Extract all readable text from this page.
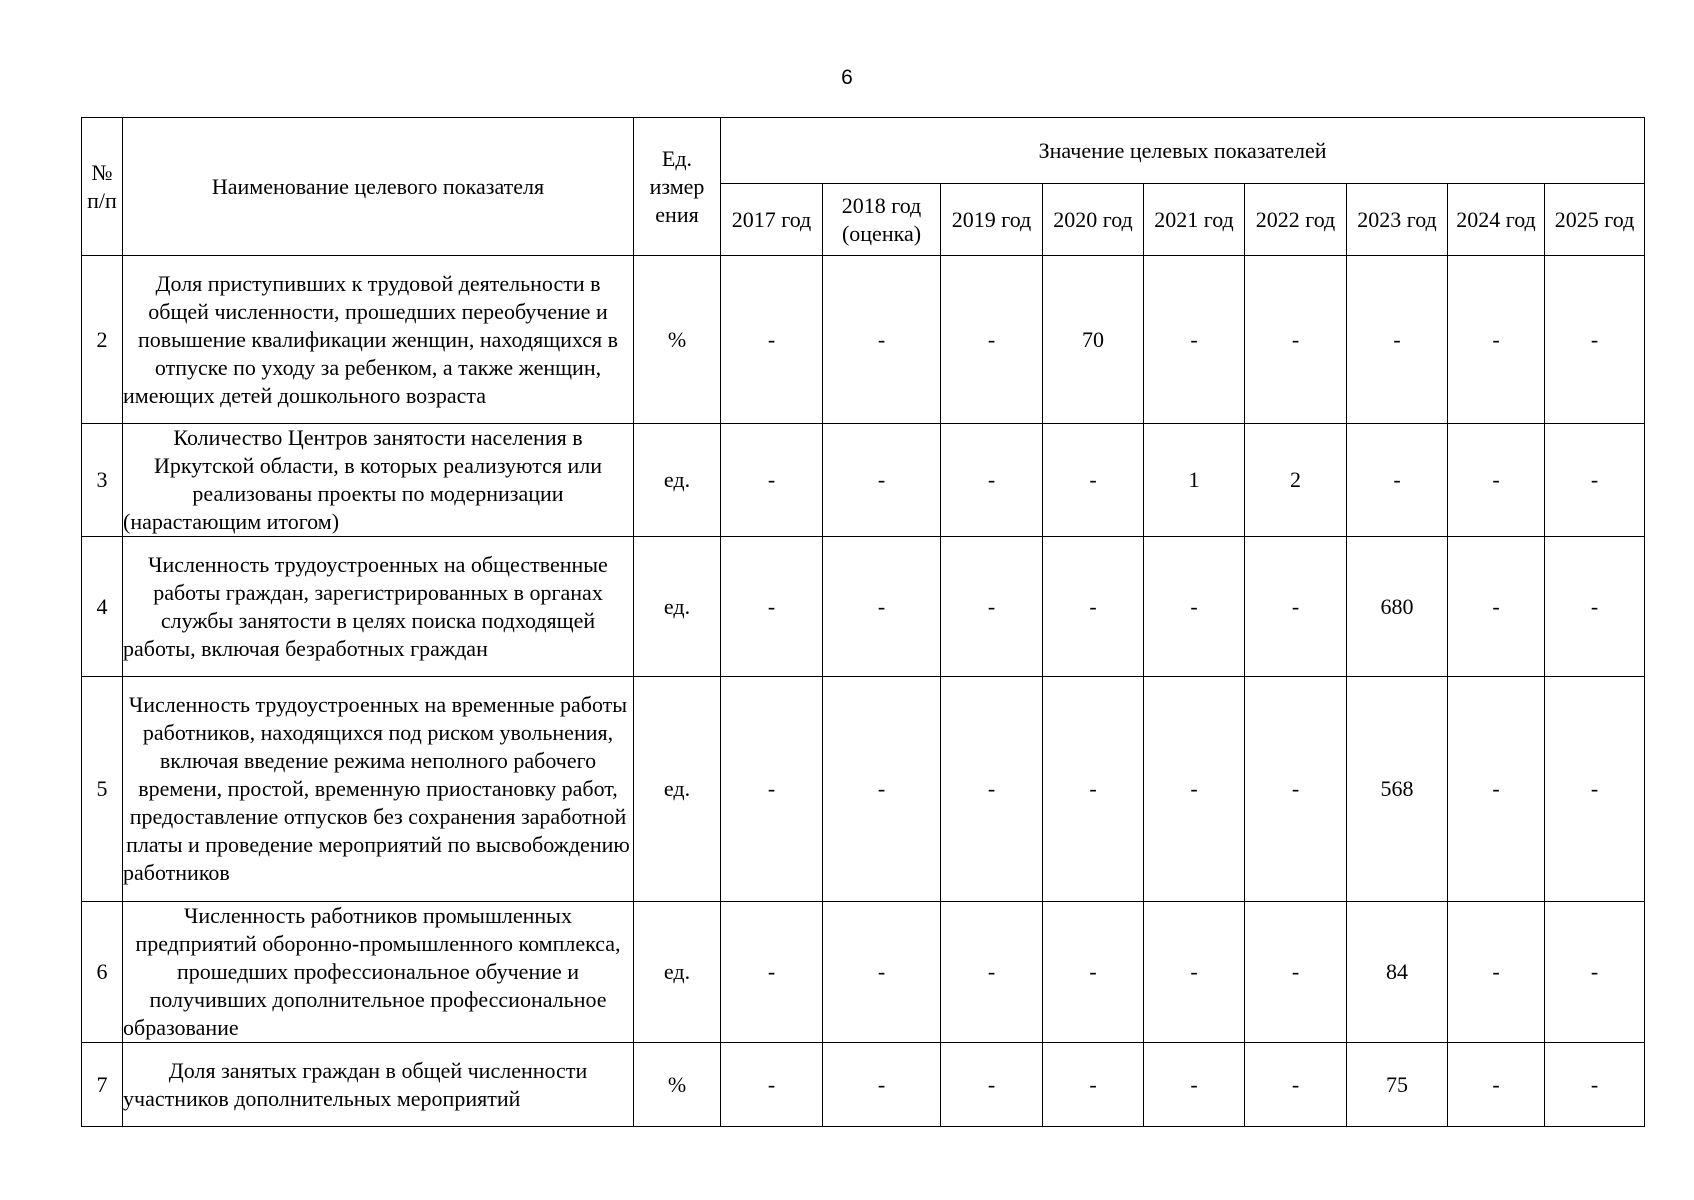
6
№ п/п	Наименование целевого показателя	Ед. измер ения	Значение целевых показателей								
			2017 год	2018 год (оценка)	2019 год	2020 год	2021 год	2022 год	2023 год	2024 год	2025 год
2	Доля приступивших к трудовой деятельности в общей численности, прошедших переобучение и повышение квалификации женщин, находящихся в отпуске по уходу за ребенком, а также женщин, имеющих детей дошкольного возраста	%	-	-	-	70	-	-	-	-	-
3	Количество Центров занятости населения в Иркутской области, в которых реализуются или реализованы проекты по модернизации (нарастающим итогом)	ед.	-	-	-	-	1	2	-	-	-
4	Численность трудоустроенных на общественные работы граждан, зарегистрированных в органах службы занятости в целях поиска подходящей работы, включая безработных граждан	ед.	-	-	-	-	-	-	680	-	-
5	Численность трудоустроенных на временные работы работников, находящихся под риском увольнения, включая введение режима неполного рабочего времени, простой, временную приостановку работ, предоставление отпусков без сохранения заработной платы и проведение мероприятий по высвобождению работников	ед.	-	-	-	-	-	-	568	-	-
6	Численность работников промышленных предприятий оборонно-промышленного комплекса, прошедших профессиональное обучение и получивших дополнительное профессиональное образование	ед.	-	-	-	-	-	-	84	-	-
7	Доля занятых граждан в общей численности участников дополнительных мероприятий	%	-	-	-	-	-	-	75	-	-
